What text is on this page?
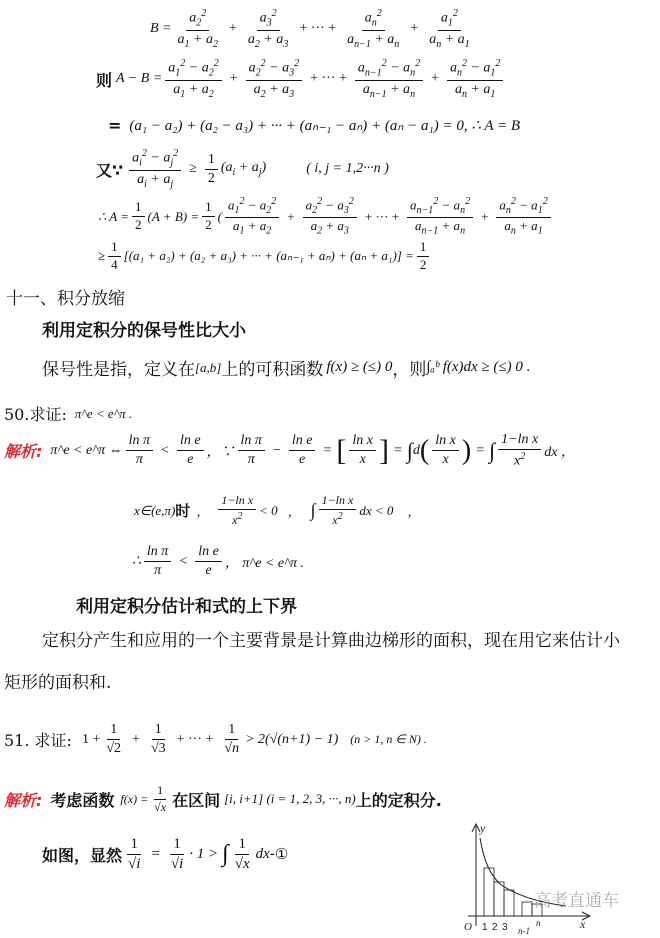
$B = \frac{a_2^2}{a_1 + a_2} + \frac{a_3^2}{a_2 + a_3}$ + ··· + $\frac{a_n^2}{a_{n-1} + a_n} + \frac{a_1^2}{a_n + a_1}$
则 $A - B = \frac{a_1^2 - a_2^2}{a_1 + a_2} + \frac{a_2^2 - a_3^2}{a_2 + a_3}$ + ··· + $\frac{a_{n-1}^2 - a_n^2}{a_{n-1} + a_n} + \frac{a_n^2 - a_1^2}{a_n + a_1}$
= (a₁ − a₂) + (a₂ − a₃) + ··· + (aₙ₋₁ − aₙ) + (aₙ − a₁) = 0, ∴ A = B
又∵ $\frac{a_i^2 - a_j^2}{a_i + a_j} \ge \frac{1}{2} (a_i + a_j)$	( i, j = 1,2···n )
∴ $A = \frac{1}{2} (A + B) = \frac{1}{2}$ ( $\frac{a_1^2 - a_2^2}{a_1 + a_2} + \frac{a_2^2 - a_3^2}{a_2 + a_3}$ + ··· + $\frac{a_{n-1}^2 - a_n^2}{a_{n-1} + a_n} + \frac{a_n^2 - a_1^2}{a_n + a_1}$
≥ $\frac{1}{4} [(a_1 + a_2) + (a_2 + a_3)$ + ··· + $(a_{n-1} + a_n) + (a_n + a_1)] = \frac{1}{2}$
十一、积分放缩
利用定积分的保号性比大小
保号性是指，定义在 [a,b] 上的可积函数 f(x) ≥ (≤) 0 ，则 ∫ₐᵇ f(x)dx ≥ (≤) 0 .
50.求证: π^e < e^π .
解析: π^e < e^π ⇔ $\frac{\text{ln π}}{\pi} < \frac{\text{ln e}}{e}$ ，∵ $\frac{\text{ln π}}{\pi} - \frac{\text{ln e}}{e}$ = [ $\frac{\text{ln x}}{x}$ ] = ∫ d ( $\frac{\text{ln x}}{x}$ ) = ∫ $\frac{\text{1−ln x}}{x^2}$ dx ，
x∈(e,π) 时 ， $\frac{\text{1−ln x}}{x^2} < 0$ ， ∫ $\frac{\text{1−ln x}}{x^2}$ dx < 0 ，
∴ $\frac{\text{ln π}}{\pi} < \frac{\text{ln e}}{e}$ ， π^e < e^π .
利用定积分估计和式的上下界
定积分产生和应用的一个主要背景是计算曲边梯形的面积，现在用它来估计小
矩形的面积和.
51. 求证: $1 + \frac{1}{√2} + \frac{1}{√3}$ + ··· + $\frac{1}{√n} > 2(√(n+1) - 1) (n > 1$, n ∈ N) .
解析: 考虑函数 $f(x) = \frac{1}{√x}$ 在区间 [i, i+1] (i = 1, 2, 3, ···, n) 上的定积分.
如图，显然 $\frac{1}{√i} = \frac{1}{√i} \cdot 1$ > ∫ $\frac{1}{√x}$ dx - ①
y
x
O 1 2 3 n-1
n
高考直通车
